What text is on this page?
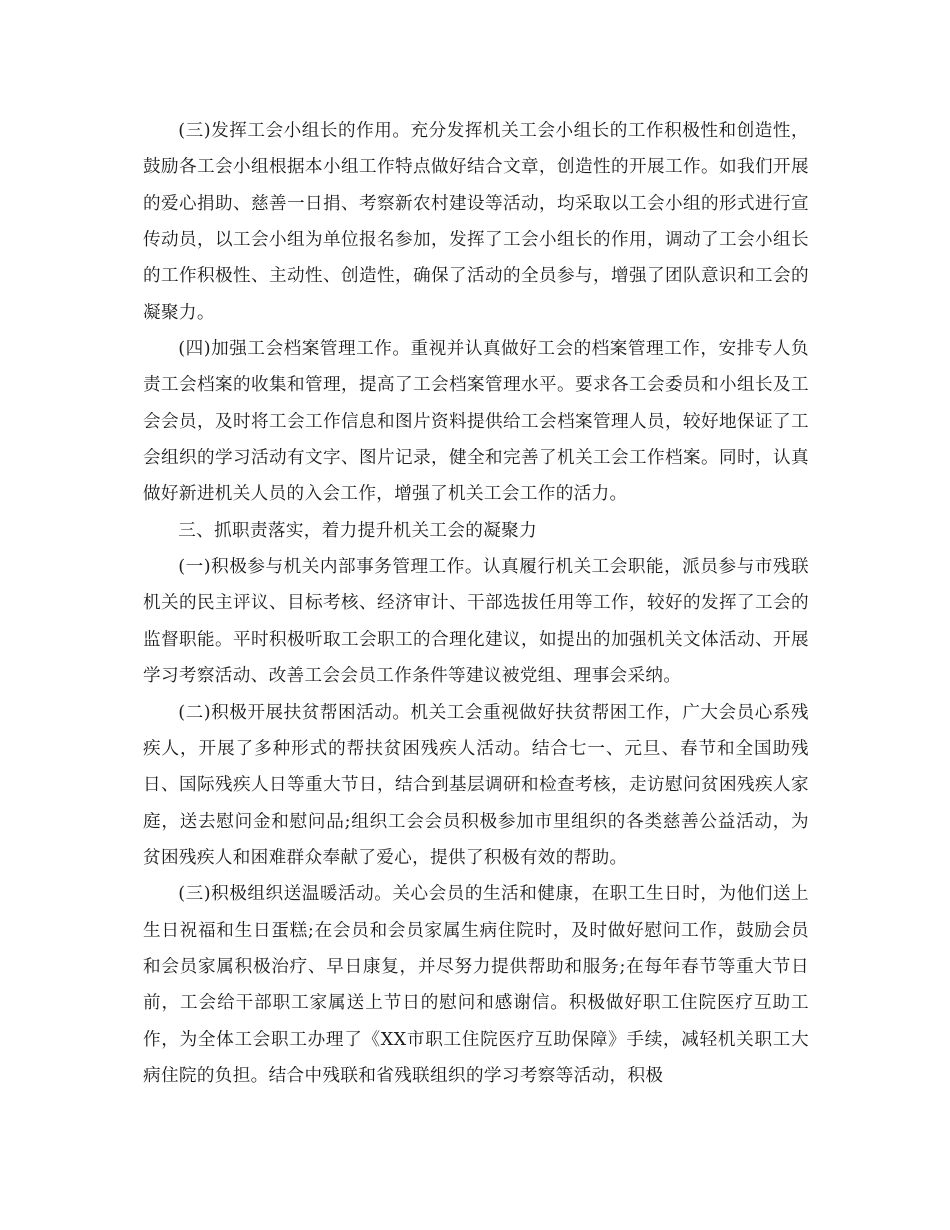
(三)发挥工会小组长的作用。充分发挥机关工会小组长的工作积极性和创造性，鼓励各工会小组根据本小组工作特点做好结合文章，创造性的开展工作。如我们开展的爱心捐助、慈善一日捐、考察新农村建设等活动，均采取以工会小组的形式进行宣传动员，以工会小组为单位报名参加，发挥了工会小组长的作用，调动了工会小组长的工作积极性、主动性、创造性，确保了活动的全员参与，增强了团队意识和工会的凝聚力。

(四)加强工会档案管理工作。重视并认真做好工会的档案管理工作，安排专人负责工会档案的收集和管理，提高了工会档案管理水平。要求各工会委员和小组长及工会会员，及时将工会工作信息和图片资料提供给工会档案管理人员，较好地保证了工会组织的学习活动有文字、图片记录，健全和完善了机关工会工作档案。同时，认真做好新进机关人员的入会工作，增强了机关工会工作的活力。

三、抓职责落实，着力提升机关工会的凝聚力

(一)积极参与机关内部事务管理工作。认真履行机关工会职能，派员参与市残联机关的民主评议、目标考核、经济审计、干部选拔任用等工作，较好的发挥了工会的监督职能。平时积极听取工会职工的合理化建议，如提出的加强机关文体活动、开展学习考察活动、改善工会会员工作条件等建议被党组、理事会采纳。

(二)积极开展扶贫帮困活动。机关工会重视做好扶贫帮困工作，广大会员心系残疾人，开展了多种形式的帮扶贫困残疾人活动。结合七一、元旦、春节和全国助残日、国际残疾人日等重大节日，结合到基层调研和检查考核，走访慰问贫困残疾人家庭，送去慰问金和慰问品;组织工会会员积极参加市里组织的各类慈善公益活动，为贫困残疾人和困难群众奉献了爱心，提供了积极有效的帮助。

(三)积极组织送温暖活动。关心会员的生活和健康，在职工生日时，为他们送上生日祝福和生日蛋糕;在会员和会员家属生病住院时，及时做好慰问工作，鼓励会员和会员家属积极治疗、早日康复，并尽努力提供帮助和服务;在每年春节等重大节日前，工会给干部职工家属送上节日的慰问和感谢信。积极做好职工住院医疗互助工作，为全体工会职工办理了《XX市职工住院医疗互助保障》手续，减轻机关职工大病住院的负担。结合中残联和省残联组织的学习考察等活动，积极
